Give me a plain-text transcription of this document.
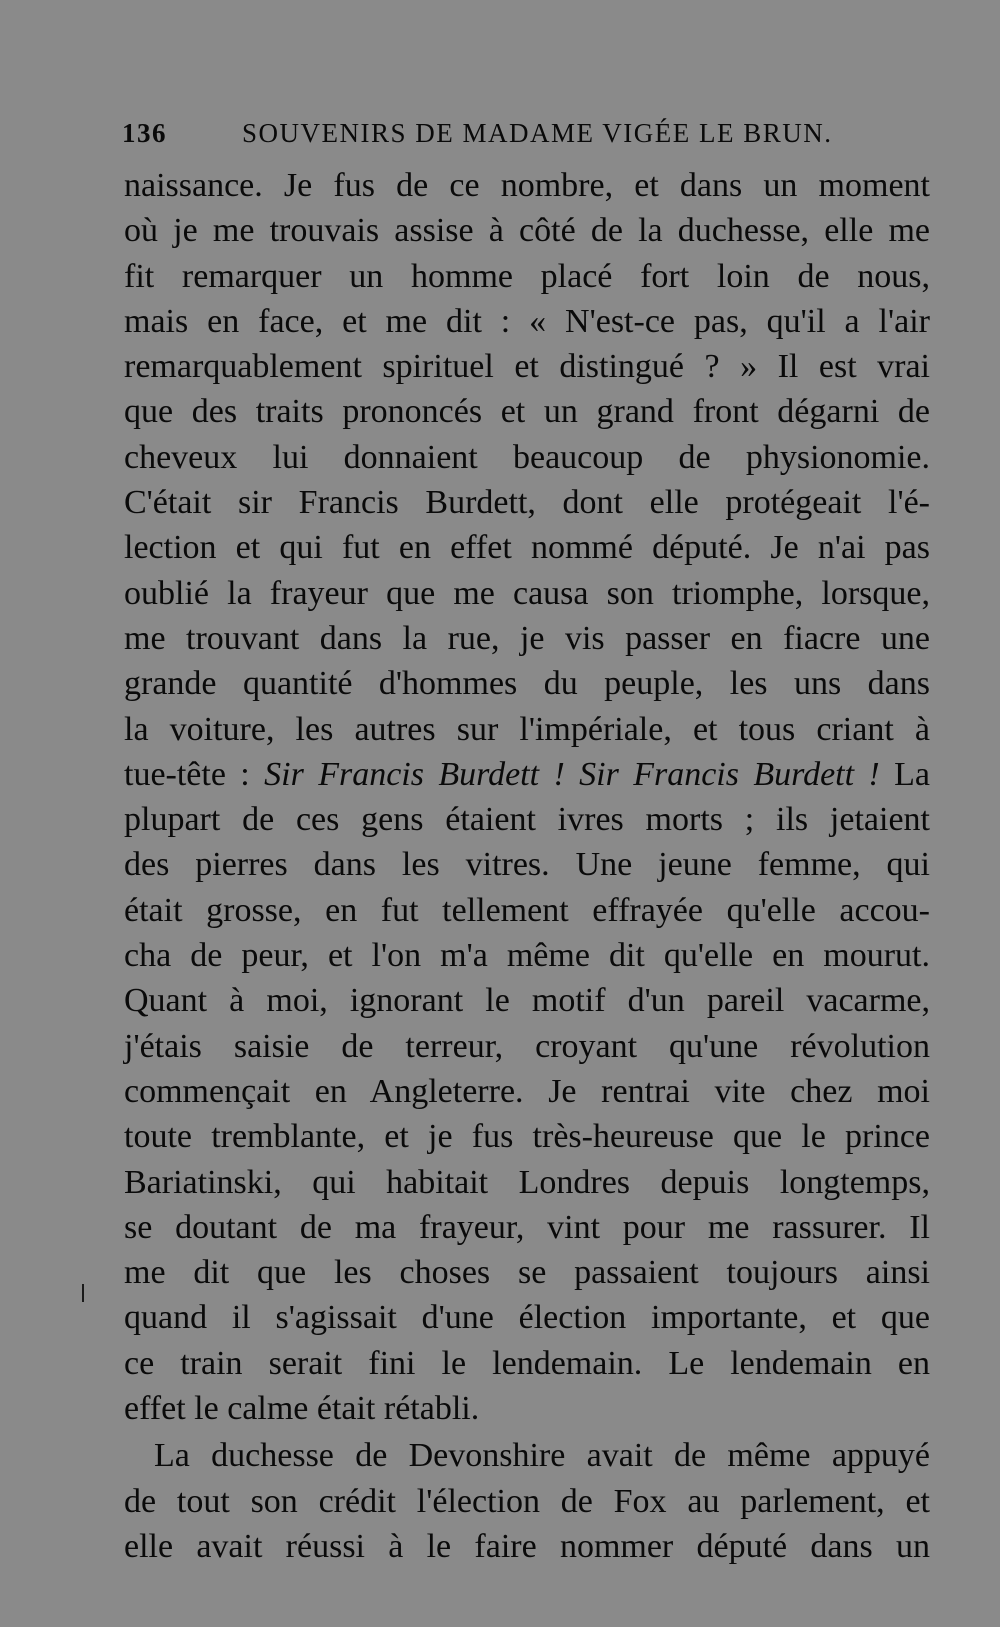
136	SOUVENIRS DE MADAME VIGÉE LE BRUN.
naissance. Je fus de ce nombre, et dans un moment
où je me trouvais assise à côté de la duchesse, elle me
fit remarquer un homme placé fort loin de nous,
mais en face, et me dit : « N'est-ce pas, qu'il a l'air
remarquablement spirituel et distingué ? » Il est vrai
que des traits prononcés et un grand front dégarni de
cheveux lui donnaient beaucoup de physionomie.
C'était sir Francis Burdett, dont elle protégeait l'é-
lection et qui fut en effet nommé député. Je n'ai pas
oublié la frayeur que me causa son triomphe, lorsque,
me trouvant dans la rue, je vis passer en fiacre une
grande quantité d'hommes du peuple, les uns dans
la voiture, les autres sur l'impériale, et tous criant à
tue-tête : Sir Francis Burdett ! Sir Francis Burdett ! La
plupart de ces gens étaient ivres morts ; ils jetaient
des pierres dans les vitres. Une jeune femme, qui
était grosse, en fut tellement effrayée qu'elle accou-
cha de peur, et l'on m'a même dit qu'elle en mourut.
Quant à moi, ignorant le motif d'un pareil vacarme,
j'étais saisie de terreur, croyant qu'une révolution
commençait en Angleterre. Je rentrai vite chez moi
toute tremblante, et je fus très-heureuse que le prince
Bariatinski, qui habitait Londres depuis longtemps,
se doutant de ma frayeur, vint pour me rassurer. Il
me dit que les choses se passaient toujours ainsi
quand il s'agissait d'une élection importante, et que
ce train serait fini le lendemain. Le lendemain en
effet le calme était rétabli.
La duchesse de Devonshire avait de même appuyé
de tout son crédit l'élection de Fox au parlement, et
elle avait réussi à le faire nommer député dans un
